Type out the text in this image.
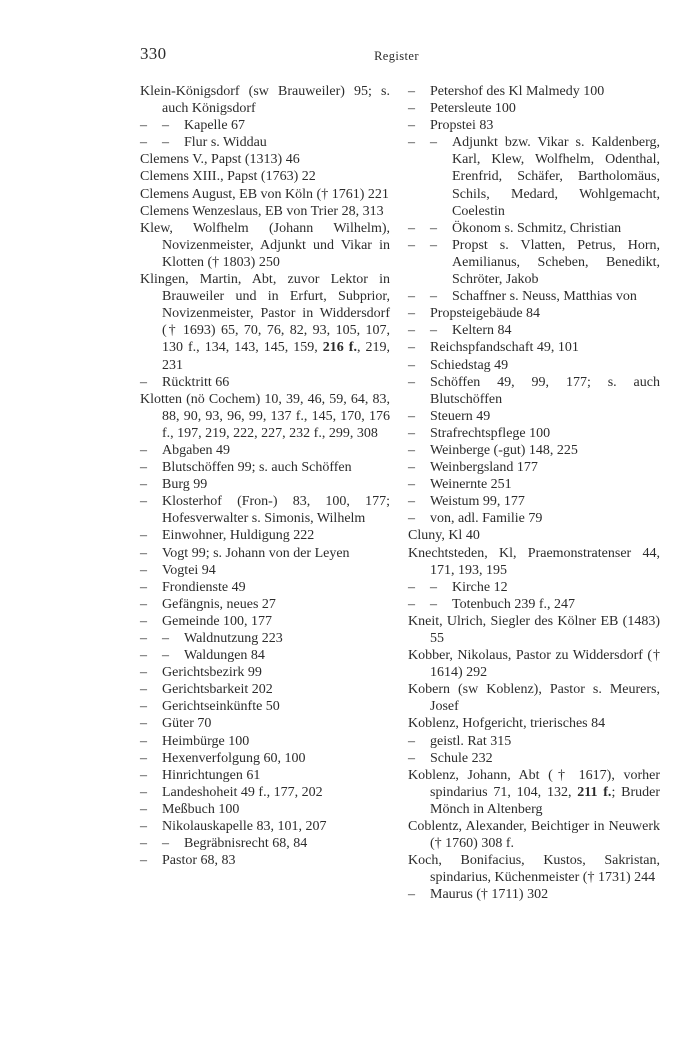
330	Register
Klein-Königsdorf (sw Brauweiler) 95; s. auch Königsdorf
– – Kapelle 67
– – Flur s. Widdau
Clemens V., Papst (1313) 46
Clemens XIII., Papst (1763) 22
Clemens August, EB von Köln († 1761) 221
Clemens Wenzeslaus, EB von Trier 28, 313
Klew, Wolfhelm (Johann Wilhelm), Novizenmeister, Adjunkt und Vikar in Klotten († 1803) 250
Klingen, Martin, Abt, zuvor Lektor in Brauweiler und in Erfurt, Subprior, Novizenmeister, Pastor in Widdersdorf († 1693) 65, 70, 76, 82, 93, 105, 107, 130 f., 134, 143, 145, 159, 216 f., 219, 231
– Rücktritt 66
Klotten (nö Cochem) 10, 39, 46, 59, 64, 83, 88, 90, 93, 96, 99, 137 f., 145, 170, 176 f., 197, 219, 222, 227, 232 f., 299, 308
– Abgaben 49
– Blutschöffen 99; s. auch Schöffen
– Burg 99
– Klosterhof (Fron-) 83, 100, 177; Hofesverwalter s. Simonis, Wilhelm
– Einwohner, Huldigung 222
– Vogt 99; s. Johann von der Leyen
– Vogtei 94
– Frondienste 49
– Gefängnis, neues 27
– Gemeinde 100, 177
– – Waldnutzung 223
– – Waldungen 84
– Gerichtsbezirk 99
– Gerichtsbarkeit 202
– Gerichtseinkünfte 50
– Güter 70
– Heimbürge 100
– Hexenverfolgung 60, 100
– Hinrichtungen 61
– Landeshoheit 49 f., 177, 202
– Meßbuch 100
– Nikolauskapelle 83, 101, 207
– – Begräbnisrecht 68, 84
– Pastor 68, 83
– Petershof des Kl Malmedy 100
– Petersleute 100
– Propstei 83
– – Adjunkt bzw. Vikar s. Kaldenberg, Karl, Klew, Wolfhelm, Odenthal, Erenfrid, Schäfer, Bartholomäus, Schils, Medard, Wohlgemacht, Coelestin
– – Ökonom s. Schmitz, Christian
– – Propst s. Vlatten, Petrus, Horn, Aemilianus, Scheben, Benedikt, Schröter, Jakob
– – Schaffner s. Neuss, Matthias von
– Propsteigebäude 84
– – Keltern 84
– Reichspfandschaft 49, 101
– Schiedstag 49
– Schöffen 49, 99, 177; s. auch Blutschöffen
– Steuern 49
– Strafrechtspflege 100
– Weinberge (-gut) 148, 225
– Weinbergsland 177
– Weinernte 251
– Weistum 99, 177
– von, adl. Familie 79
Cluny, Kl 40
Knechtsteden, Kl, Praemonstratenser 44, 171, 193, 195
– – Kirche 12
– – Totenbuch 239 f., 247
Kneit, Ulrich, Siegler des Kölner EB (1483) 55
Kobber, Nikolaus, Pastor zu Widdersdorf († 1614) 292
Kobern (sw Koblenz), Pastor s. Meurers, Josef
Koblenz, Hofgericht, trierisches 84
– geistl. Rat 315
– Schule 232
Koblenz, Johann, Abt († 1617), vorher spindarius 71, 104, 132, 211 f.; Bruder Mönch in Altenberg
Coblentz, Alexander, Beichtiger in Neuwerk († 1760) 308 f.
Koch, Bonifacius, Kustos, Sakristan, spindarius, Küchenmeister († 1731) 244
– Maurus († 1711) 302
